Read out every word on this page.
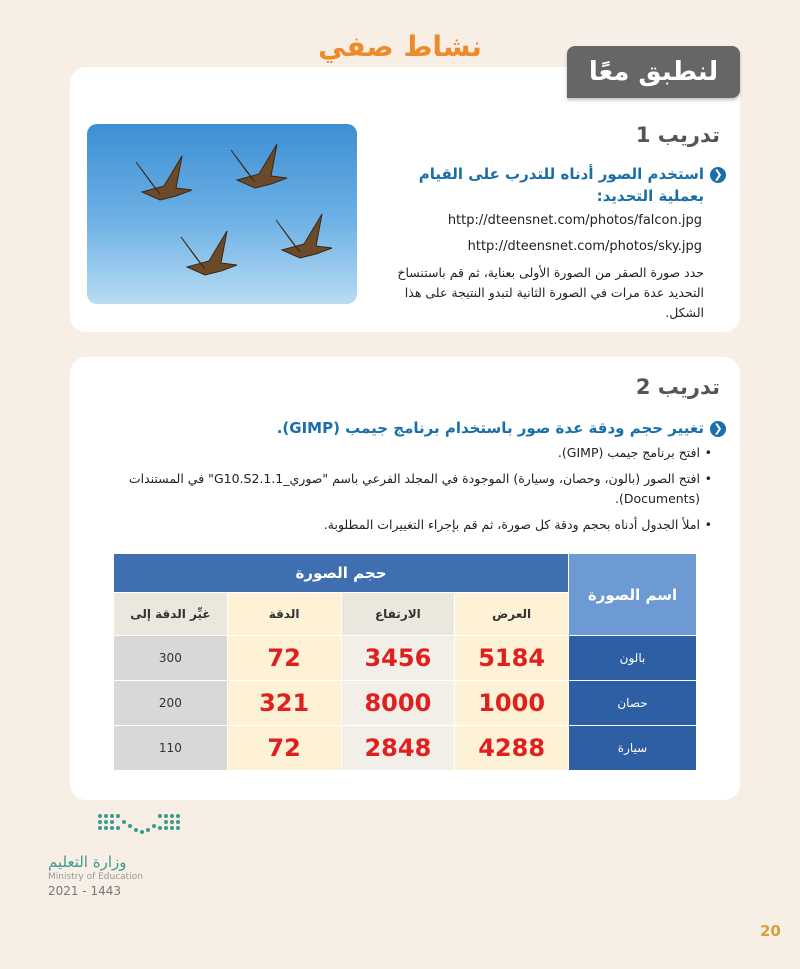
نشاط صفي
تدريب 1
❯
استخدم الصور أدناه للتدرب على القيام بعملية التحديد:
http://dteensnet.com/photos/falcon.jpg
http://dteensnet.com/photos/sky.jpg
حدد صورة الصقر من الصورة الأولى بعناية، ثم قم باستنساخ التحديد عدة مرات في الصورة الثانية لتبدو النتيجة على هذا الشكل.
لنطبق معًا
تدريب 2
❯
تغيير حجم ودقة عدة صور باستخدام برنامج جيمب (GIMP).
• افتح برنامج جيمب (GIMP).
• افتح الصور (بالون، وحصان، وسيارة) الموجودة في المجلد الفرعي باسم "صوري_G10.S2.1.1" في المستندات (Documents).
• املأ الجدول أدناه بحجم ودقة كل صورة، ثم قم بإجراء التغييرات المطلوبة.
اسم الصورة	حجم الصورة			
	العرض	الارتفاع	الدقة	غيِّر الدقة إلى
بالون	5184	3456	72	300
حصان	1000	8000	321	200
سيارة	4288	2848	72	110
وزارة التعليم
Ministry of Education
2021 - 1443
20
